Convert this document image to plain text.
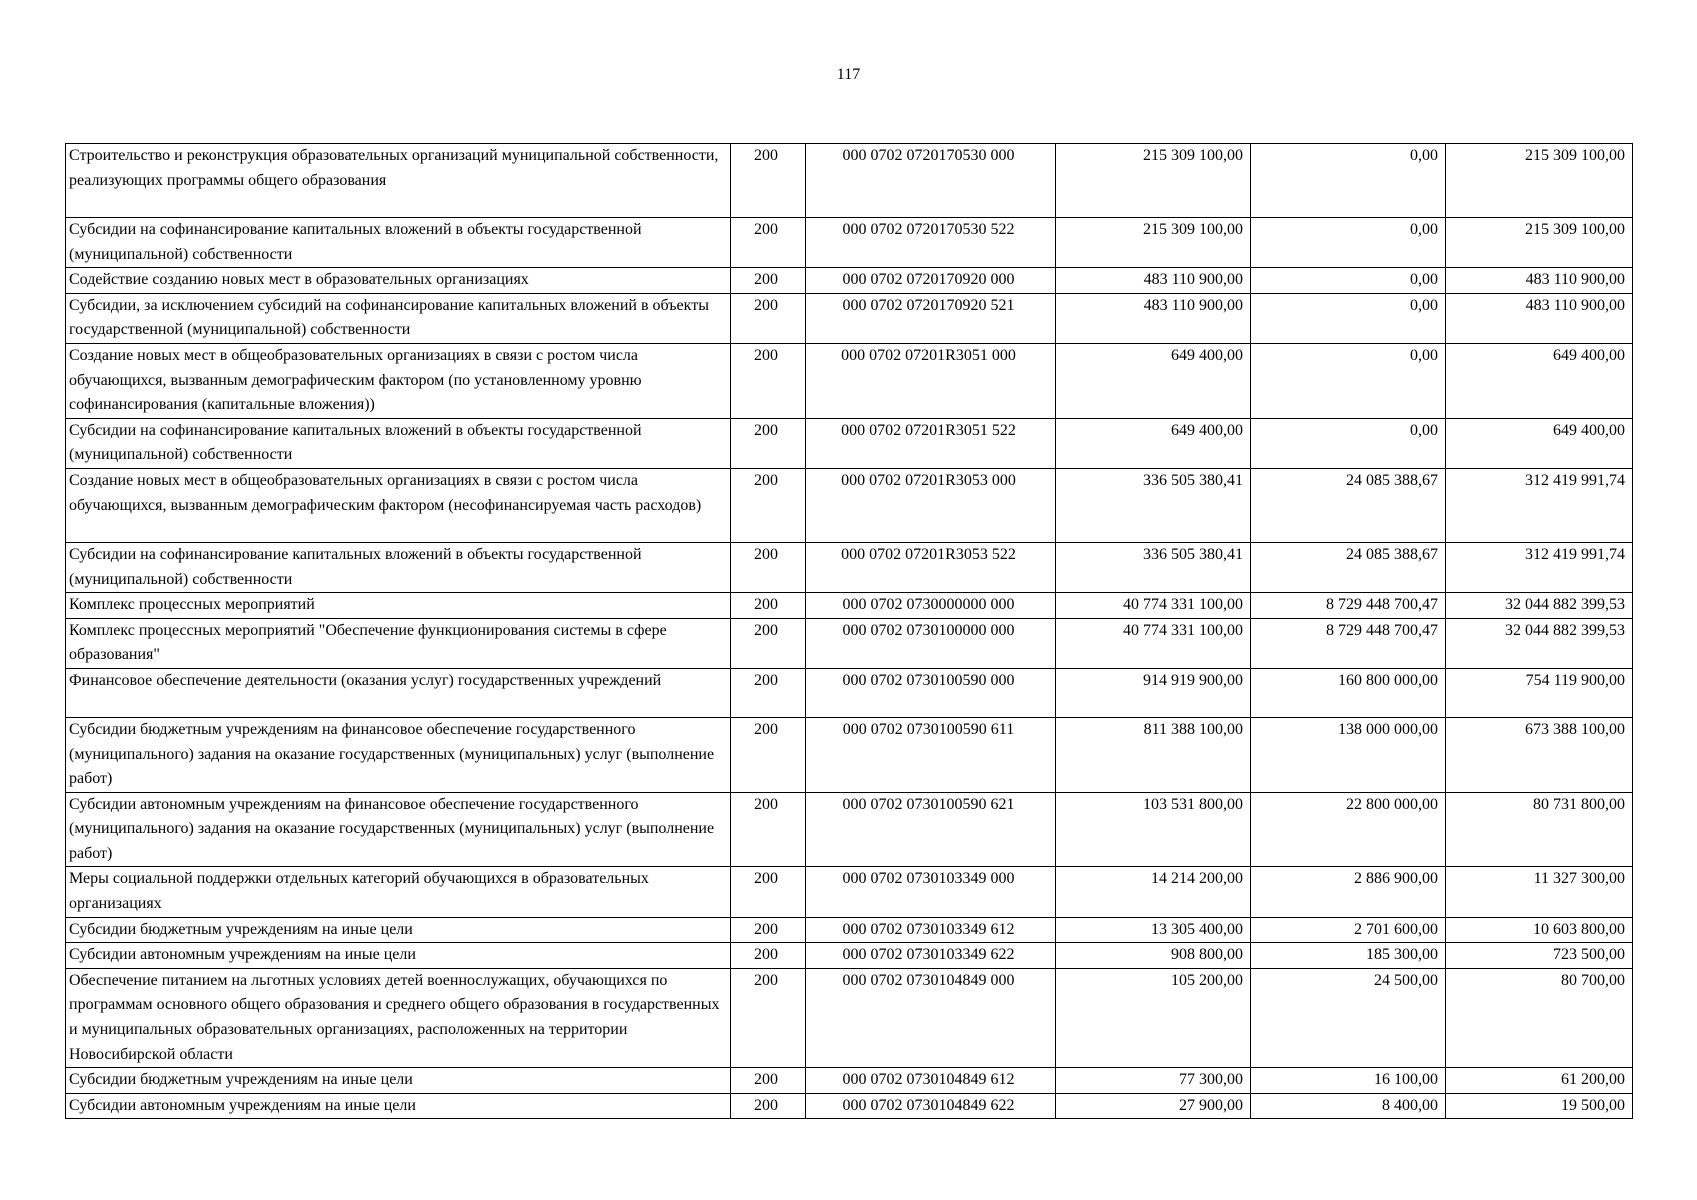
117
Строительство и реконструкция образовательных организаций муниципальной собственности, реализующих программы общего образования	200	000 0702 0720170530 000	215 309 100,00	0,00	215 309 100,00
Субсидии на софинансирование капитальных вложений в объекты государственной (муниципальной) собственности	200	000 0702 0720170530 522	215 309 100,00	0,00	215 309 100,00
Содействие созданию новых мест в образовательных организациях	200	000 0702 0720170920 000	483 110 900,00	0,00	483 110 900,00
Субсидии, за исключением субсидий на софинансирование капитальных вложений в объекты государственной (муниципальной) собственности	200	000 0702 0720170920 521	483 110 900,00	0,00	483 110 900,00
Создание новых мест в общеобразовательных организациях в связи с ростом числа обучающихся, вызванным демографическим фактором (по установленному уровню софинансирования (капитальные вложения))	200	000 0702 07201R3051 000	649 400,00	0,00	649 400,00
Субсидии на софинансирование капитальных вложений в объекты государственной (муниципальной) собственности	200	000 0702 07201R3051 522	649 400,00	0,00	649 400,00
Создание новых мест в общеобразовательных организациях в связи с ростом числа обучающихся, вызванным демографическим фактором (несофинансируемая часть расходов)	200	000 0702 07201R3053 000	336 505 380,41	24 085 388,67	312 419 991,74
Субсидии на софинансирование капитальных вложений в объекты государственной (муниципальной) собственности	200	000 0702 07201R3053 522	336 505 380,41	24 085 388,67	312 419 991,74
Комплекс процессных мероприятий	200	000 0702 0730000000 000	40 774 331 100,00	8 729 448 700,47	32 044 882 399,53
Комплекс процессных мероприятий "Обеспечение функционирования системы в сфере образования"	200	000 0702 0730100000 000	40 774 331 100,00	8 729 448 700,47	32 044 882 399,53
Финансовое обеспечение деятельности (оказания услуг) государственных учреждений	200	000 0702 0730100590 000	914 919 900,00	160 800 000,00	754 119 900,00
Субсидии бюджетным учреждениям на финансовое обеспечение государственного (муниципального) задания на оказание государственных (муниципальных) услуг (выполнение работ)	200	000 0702 0730100590 611	811 388 100,00	138 000 000,00	673 388 100,00
Субсидии автономным учреждениям на финансовое обеспечение государственного (муниципального) задания на оказание государственных (муниципальных) услуг (выполнение работ)	200	000 0702 0730100590 621	103 531 800,00	22 800 000,00	80 731 800,00
Меры социальной поддержки отдельных категорий обучающихся в образовательных организациях	200	000 0702 0730103349 000	14 214 200,00	2 886 900,00	11 327 300,00
Субсидии бюджетным учреждениям на иные цели	200	000 0702 0730103349 612	13 305 400,00	2 701 600,00	10 603 800,00
Субсидии автономным учреждениям на иные цели	200	000 0702 0730103349 622	908 800,00	185 300,00	723 500,00
Обеспечение питанием на льготных условиях детей военнослужащих, обучающихся по программам основного общего образования и среднего общего образования в государственных и муниципальных образовательных организациях, расположенных на территории Новосибирской области	200	000 0702 0730104849 000	105 200,00	24 500,00	80 700,00
Субсидии бюджетным учреждениям на иные цели	200	000 0702 0730104849 612	77 300,00	16 100,00	61 200,00
Субсидии автономным учреждениям на иные цели	200	000 0702 0730104849 622	27 900,00	8 400,00	19 500,00
